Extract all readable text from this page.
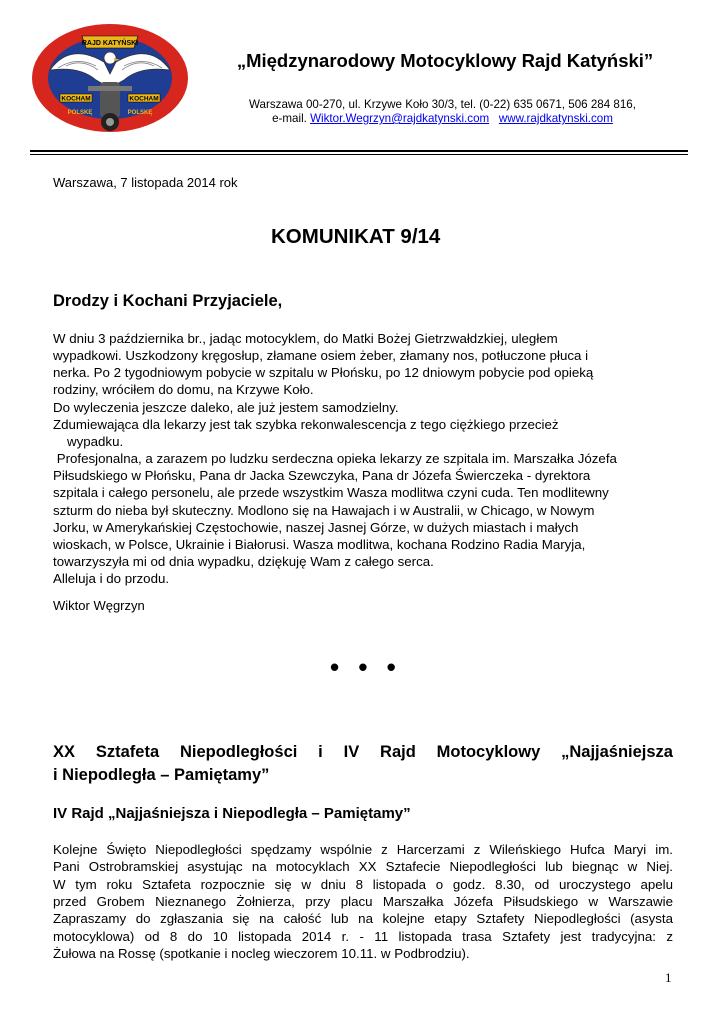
RAJD KATYŃSKI
KOCHAM	KOCHAM
POLSKĘ	POLSKĘ
„Międzynarodowy Motocyklowy Rajd Katyński”
Warszawa 00-270, ul. Krzywe Koło 30/3, tel. (0-22) 635 0671, 506 284 816,
e-mail. Wiktor.Wegrzyn@rajdkatynski.com www.rajdkatynski.com
Warszawa, 7 listopada 2014 rok
KOMUNIKAT 9/14
Drodzy i Kochani Przyjaciele,
W dniu 3 października br., jadąc motocyklem, do Matki Bożej Gietrzwałdzkiej, uległem
wypadkowi. Uszkodzony kręgosłup, złamane osiem żeber, złamany nos, potłuczone płuca i
nerka. Po 2 tygodniowym pobycie w szpitalu w Płońsku, po 12 dniowym pobycie pod opieką
rodziny, wróciłem do domu, na Krzywe Koło.
Do wyleczenia jeszcze daleko, ale już jestem samodzielny.
Zdumiewająca dla lekarzy jest tak szybka rekonwalescencja z tego ciężkiego przecież
wypadku.
Profesjonalna, a zarazem po ludzku serdeczna opieka lekarzy ze szpitala im. Marszałka Józefa
Piłsudskiego w Płońsku, Pana dr Jacka Szewczyka, Pana dr Józefa Świerczeka - dyrektora
szpitala i całego personelu, ale przede wszystkim Wasza modlitwa czyni cuda. Ten modlitewny
szturm do nieba był skuteczny. Modlono się na Hawajach i w Australii, w Chicago, w Nowym
Jorku, w Amerykańskiej Częstochowie, naszej Jasnej Górze, w dużych miastach i małych
wioskach, w Polsce, Ukrainie i Białorusi. Wasza modlitwa, kochana Rodzino Radia Maryja,
towarzyszyła mi od dnia wypadku, dziękuję Wam z całego serca.
Alleluja i do przodu.
Wiktor Węgrzyn
• • •
XX Sztafeta Niepodległości i IV Rajd Motocyklowy „Najjaśniejsza
i Niepodległa – Pamiętamy”
IV Rajd „Najjaśniejsza i Niepodległa – Pamiętamy”
Kolejne Święto Niepodległości spędzamy wspólnie z Harcerzami z Wileńskiego Hufca Maryi im.
Pani Ostrobramskiej asystując na motocyklach XX Sztafecie Niepodległości lub biegnąc w Niej.
W tym roku Sztafeta rozpocznie się w dniu 8 listopada o godz. 8.30, od uroczystego apelu
przed Grobem Nieznanego Żołnierza, przy placu Marszałka Józefa Piłsudskiego w Warszawie
Zapraszamy do zgłaszania się na całość lub na kolejne etapy Sztafety Niepodległości (asysta
motocyklowa) od 8 do 10 listopada 2014 r. - 11 listopada trasa Sztafety jest tradycyjna: z
Żułowa na Rossę (spotkanie i nocleg wieczorem 10.11. w Podbrodziu).
1
